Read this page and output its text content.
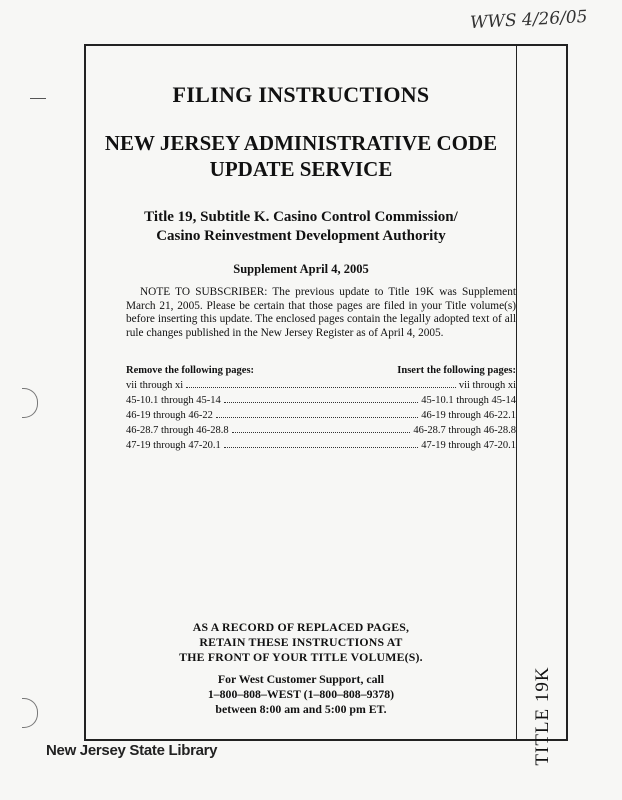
WWS 4/26/05
TITLE 19K
FILING INSTRUCTIONS
NEW JERSEY ADMINISTRATIVE CODE
UPDATE SERVICE
Title 19, Subtitle K. Casino Control Commission/
Casino Reinvestment Development Authority
Supplement April 4, 2005

NOTE TO SUBSCRIBER: The previous update to Title 19K was Supplement March 21, 2005. Please be certain that those pages are filed in your Title volume(s) before inserting this update. The enclosed pages contain the legally adopted text of all rule changes published in the New Jersey Register as of April 4, 2005.

Remove the following pages:	Insert the following pages:
vii through xi	vii through xi
45-10.1 through 45-14	45-10.1 through 45-14
46-19 through 46-22	46-19 through 46-22.1
46-28.7 through 46-28.8	46-28.7 through 46-28.8
47-19 through 47-20.1	47-19 through 47-20.1
AS A RECORD OF REPLACED PAGES,
RETAIN THESE INSTRUCTIONS AT
THE FRONT OF YOUR TITLE VOLUME(S).
For West Customer Support, call
1–800–808–WEST (1–800–808–9378)
between 8:00 am and 5:00 pm ET.
New Jersey State Library
